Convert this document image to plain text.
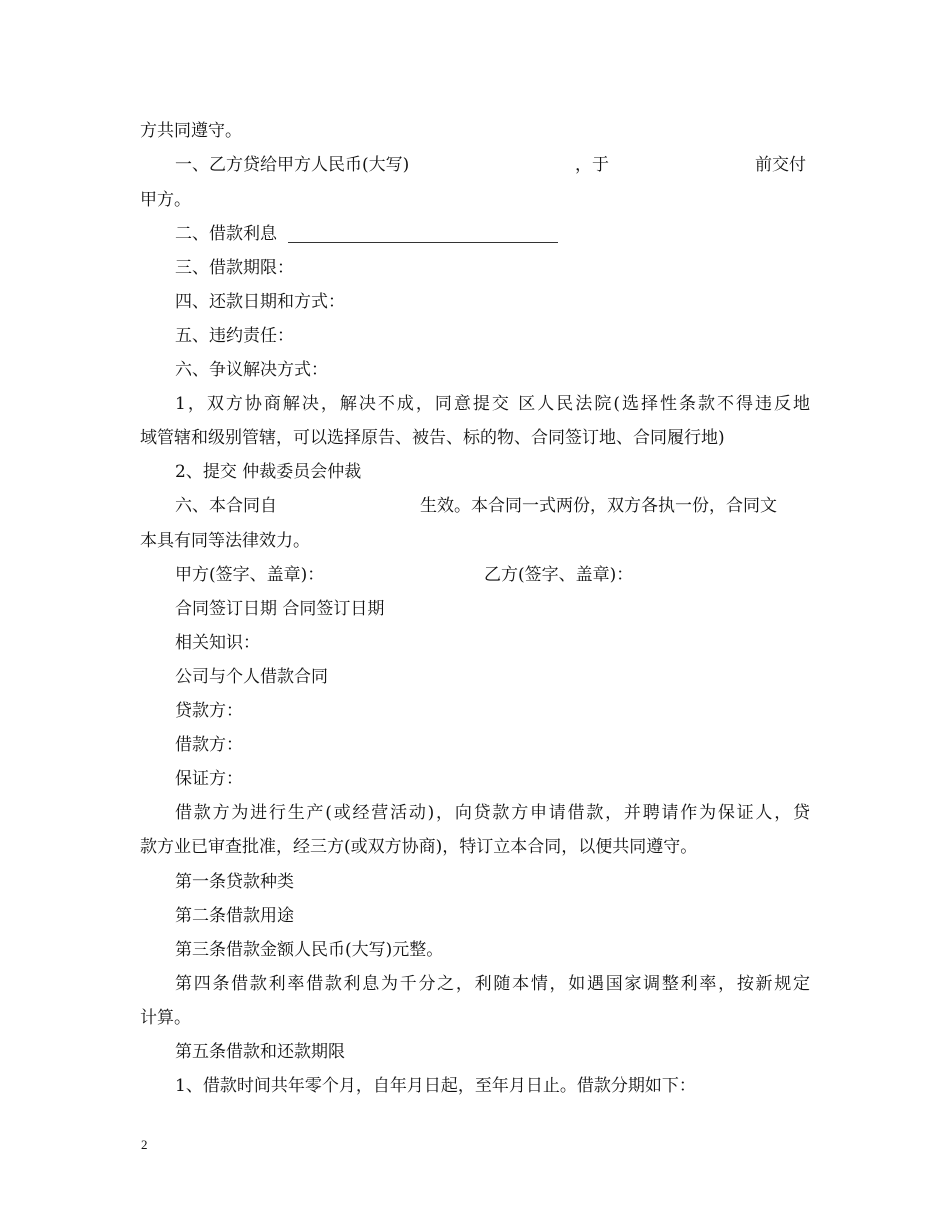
方共同遵守。
一、乙方贷给甲方人民币(大写)	，于	前交付
甲方。
二、借款利息
三、借款期限：
四、还款日期和方式：
五、违约责任：
六、争议解决方式：
1，双方协商解决，解决不成，同意提交 区人民法院(选择性条款不得违反地
域管辖和级别管辖，可以选择原告、被告、标的物、合同签订地、合同履行地)
2、提交 仲裁委员会仲裁
六、本合同自	生效。本合同一式两份，双方各执一份，合同文
本具有同等法律效力。
甲方(签字、盖章)：	乙方(签字、盖章)：
合同签订日期 合同签订日期
相关知识：
公司与个人借款合同
贷款方：
借款方：
保证方：
借款方为进行生产(或经营活动)，向贷款方申请借款，并聘请作为保证人，贷
款方业已审查批准，经三方(或双方协商)，特订立本合同，以便共同遵守。
第一条贷款种类
第二条借款用途
第三条借款金额人民币(大写)元整。
第四条借款利率借款利息为千分之，利随本情，如遇国家调整利率，按新规定
计算。
第五条借款和还款期限
1、借款时间共年零个月，自年月日起，至年月日止。借款分期如下：
2
